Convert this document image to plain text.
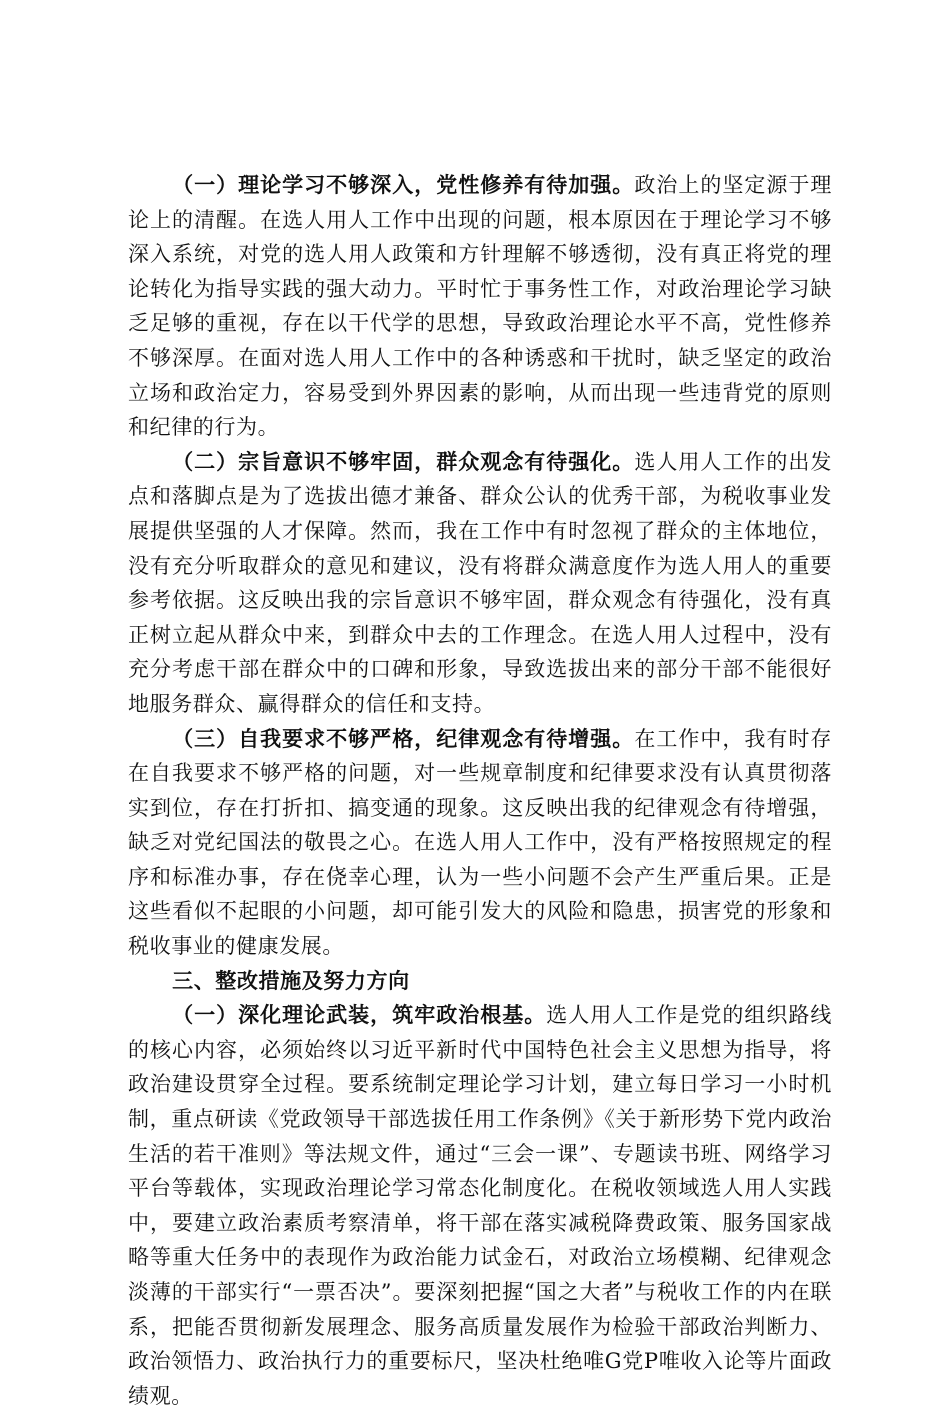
（一）理论学习不够深入，党性修养有待加强。政治上的坚定源于理论上的清醒。在选人用人工作中出现的问题，根本原因在于理论学习不够深入系统，对党的选人用人政策和方针理解不够透彻，没有真正将党的理论转化为指导实践的强大动力。平时忙于事务性工作，对政治理论学习缺乏足够的重视，存在以干代学的思想，导致政治理论水平不高，党性修养不够深厚。在面对选人用人工作中的各种诱惑和干扰时，缺乏坚定的政治立场和政治定力，容易受到外界因素的影响，从而出现一些违背党的原则和纪律的行为。

（二）宗旨意识不够牢固，群众观念有待强化。选人用人工作的出发点和落脚点是为了选拔出德才兼备、群众公认的优秀干部，为税收事业发展提供坚强的人才保障。然而，我在工作中有时忽视了群众的主体地位，没有充分听取群众的意见和建议，没有将群众满意度作为选人用人的重要参考依据。这反映出我的宗旨意识不够牢固，群众观念有待强化，没有真正树立起从群众中来，到群众中去的工作理念。在选人用人过程中，没有充分考虑干部在群众中的口碑和形象，导致选拔出来的部分干部不能很好地服务群众、赢得群众的信任和支持。

（三）自我要求不够严格，纪律观念有待增强。在工作中，我有时存在自我要求不够严格的问题，对一些规章制度和纪律要求没有认真贯彻落实到位，存在打折扣、搞变通的现象。这反映出我的纪律观念有待增强，缺乏对党纪国法的敬畏之心。在选人用人工作中，没有严格按照规定的程序和标准办事，存在侥幸心理，认为一些小问题不会产生严重后果。正是这些看似不起眼的小问题，却可能引发大的风险和隐患，损害党的形象和税收事业的健康发展。

三、整改措施及努力方向

（一）深化理论武装，筑牢政治根基。选人用人工作是党的组织路线的核心内容，必须始终以习近平新时代中国特色社会主义思想为指导，将政治建设贯穿全过程。要系统制定理论学习计划，建立每日学习一小时机制，重点研读《党政领导干部选拔任用工作条例》《关于新形势下党内政治生活的若干准则》等法规文件，通过“三会一课”、专题读书班、网络学习平台等载体，实现政治理论学习常态化制度化。在税收领域选人用人实践中，要建立政治素质考察清单，将干部在落实减税降费政策、服务国家战略等重大任务中的表现作为政治能力试金石，对政治立场模糊、纪律观念淡薄的干部实行“一票否决”。要深刻把握“国之大者”与税收工作的内在联系，把能否贯彻新发展理念、服务高质量发展作为检验干部政治判断力、政治领悟力、政治执行力的重要标尺，坚决杜绝唯G党P唯收入论等片面政绩观。
